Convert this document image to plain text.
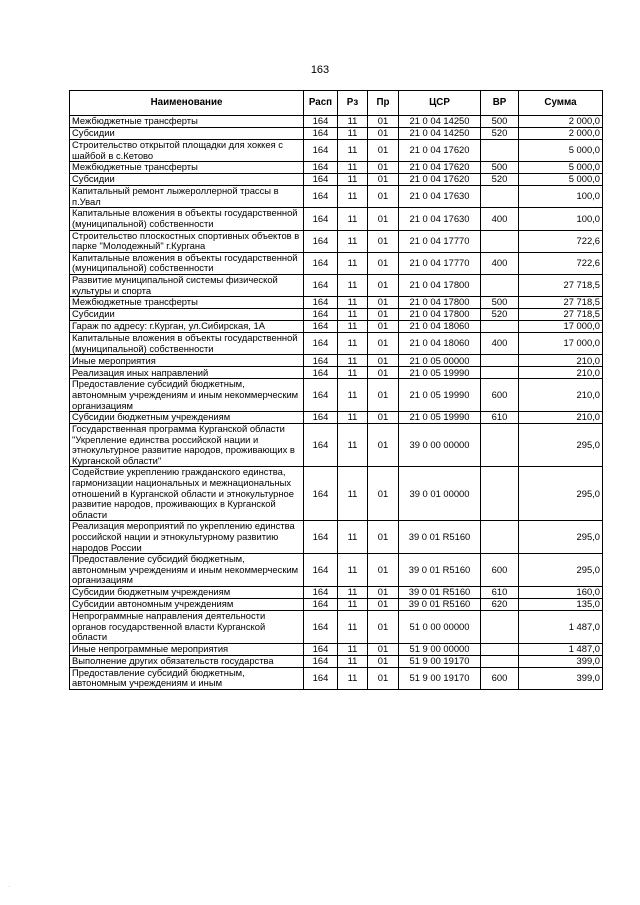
163
Наименование	Расп	Рз	Пр	ЦСР	ВР	Сумма
Межбюджетные трансферты	164	11	01	21 0 04 14250	500	2 000,0
Субсидии	164	11	01	21 0 04 14250	520	2 000,0
Строительство открытой площадки для хоккея с шайбой в с.Кетово	164	11	01	21 0 04 17620		5 000,0
Межбюджетные трансферты	164	11	01	21 0 04 17620	500	5 000,0
Субсидии	164	11	01	21 0 04 17620	520	5 000,0
Капитальный ремонт лыжероллерной трассы в п.Увал	164	11	01	21 0 04 17630		100,0
Капитальные вложения в объекты государственной (муниципальной) собственности	164	11	01	21 0 04 17630	400	100,0
Строительство плоскостных спортивных объектов в парке "Молодежный" г.Кургана	164	11	01	21 0 04 17770		722,6
Капитальные вложения в объекты государственной (муниципальной) собственности	164	11	01	21 0 04 17770	400	722,6
Развитие муниципальной системы физической культуры и спорта	164	11	01	21 0 04 17800		27 718,5
Межбюджетные трансферты	164	11	01	21 0 04 17800	500	27 718,5
Субсидии	164	11	01	21 0 04 17800	520	27 718,5
Гараж по адресу: г.Курган, ул.Сибирская, 1А	164	11	01	21 0 04 18060		17 000,0
Капитальные вложения в объекты государственной (муниципальной) собственности	164	11	01	21 0 04 18060	400	17 000,0
Иные мероприятия	164	11	01	21 0 05 00000		210,0
Реализация иных направлений	164	11	01	21 0 05 19990		210,0
Предоставление субсидий бюджетным, автономным учреждениям и иным некоммерческим организациям	164	11	01	21 0 05 19990	600	210,0
Субсидии бюджетным учреждениям	164	11	01	21 0 05 19990	610	210,0
Государственная программа Курганской области "Укрепление единства российской нации и этнокультурное развитие народов, проживающих в Курганской области"	164	11	01	39 0 00 00000		295,0
Содействие укреплению гражданского единства, гармонизации национальных и межнациональных отношений в Курганской области и этнокультурное развитие народов, проживающих в Курганской области	164	11	01	39 0 01 00000		295,0
Реализация мероприятий по укреплению единства российской нации и этнокультурному развитию народов России	164	11	01	39 0 01 R5160		295,0
Предоставление субсидий бюджетным, автономным учреждениям и иным некоммерческим организациям	164	11	01	39 0 01 R5160	600	295,0
Субсидии бюджетным учреждениям	164	11	01	39 0 01 R5160	610	160,0
Субсидии автономным учреждениям	164	11	01	39 0 01 R5160	620	135,0
Непрограммные направления деятельности органов государственной власти Курганской области	164	11	01	51 0 00 00000		1 487,0
Иные непрограммные мероприятия	164	11	01	51 9 00 00000		1 487,0
Выполнение других обязательств государства	164	11	01	51 9 00 19170		399,0
Предоставление субсидий бюджетным, автономным учреждениям и иным	164	11	01	51 9 00 19170	600	399,0
·
